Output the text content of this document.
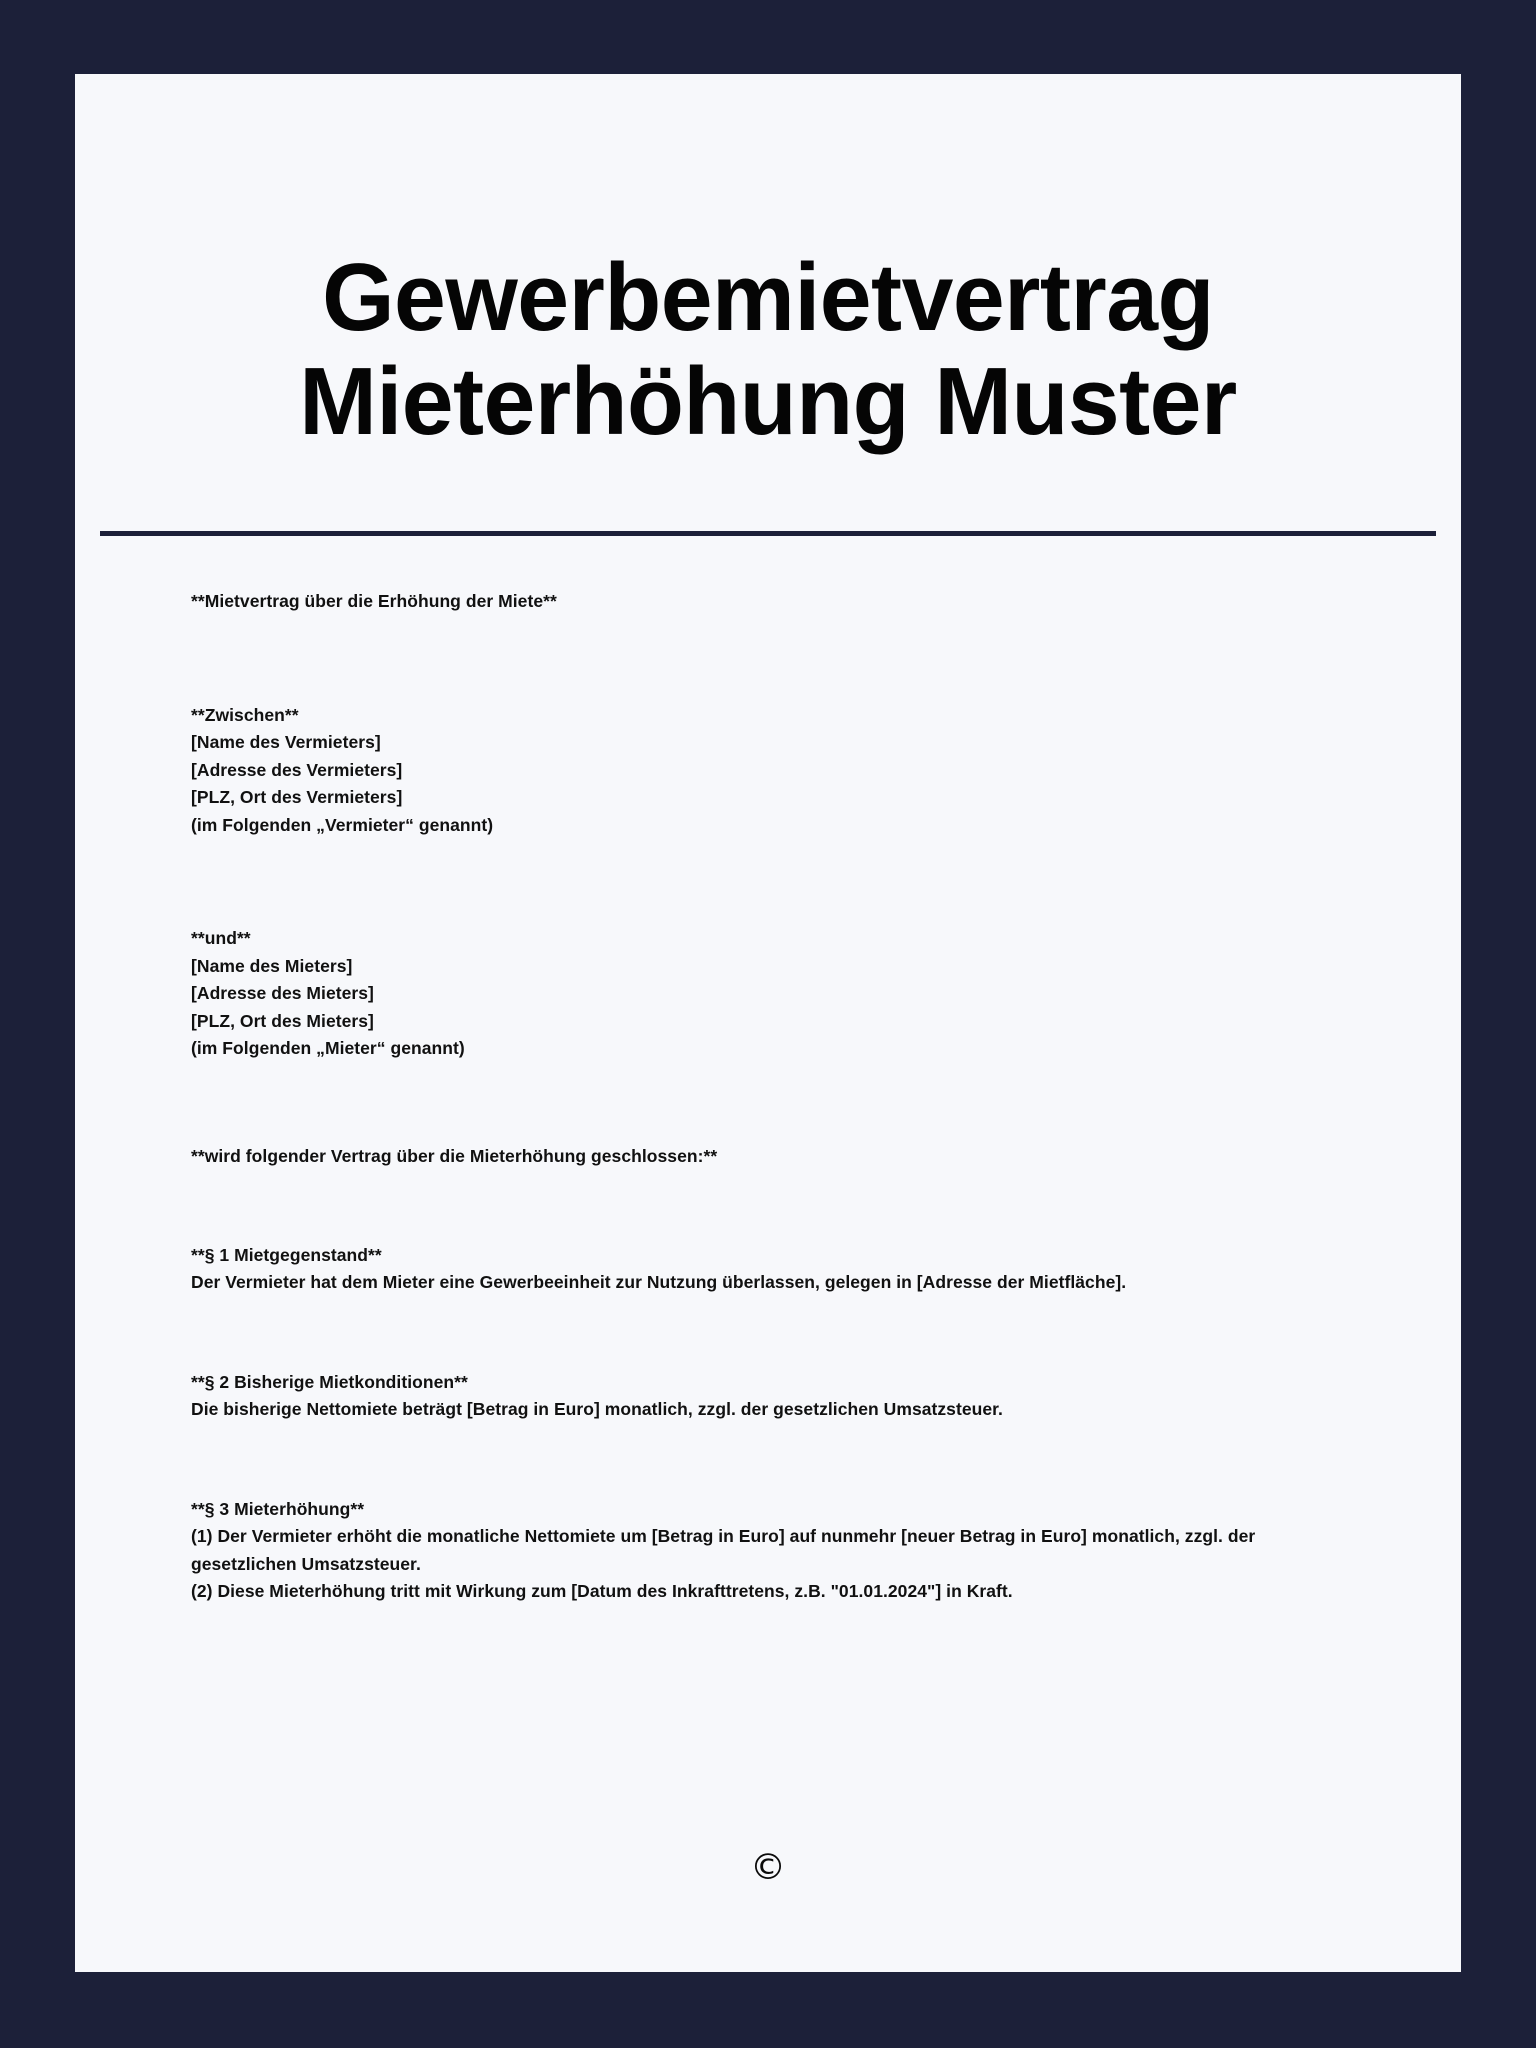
Gewerbemietvertrag
Mieterhöhung Muster
**Mietvertrag über die Erhöhung der Miete**
**Zwischen**
[Name des Vermieters]
[Adresse des Vermieters]
[PLZ, Ort des Vermieters]
(im Folgenden „Vermieter“ genannt)
**und**
[Name des Mieters]
[Adresse des Mieters]
[PLZ, Ort des Mieters]
(im Folgenden „Mieter“ genannt)
**wird folgender Vertrag über die Mieterhöhung geschlossen:**
**§ 1 Mietgegenstand**
Der Vermieter hat dem Mieter eine Gewerbeeinheit zur Nutzung überlassen, gelegen in [Adresse der Mietfläche].
**§ 2 Bisherige Mietkonditionen**
Die bisherige Nettomiete beträgt [Betrag in Euro] monatlich, zzgl. der gesetzlichen Umsatzsteuer.
**§ 3 Mieterhöhung**
(1) Der Vermieter erhöht die monatliche Nettomiete um [Betrag in Euro] auf nunmehr [neuer Betrag in Euro] monatlich, zzgl. der gesetzlichen Umsatzsteuer.
(2) Diese Mieterhöhung tritt mit Wirkung zum [Datum des Inkrafttretens, z.B. "01.01.2024"] in Kraft.
©
